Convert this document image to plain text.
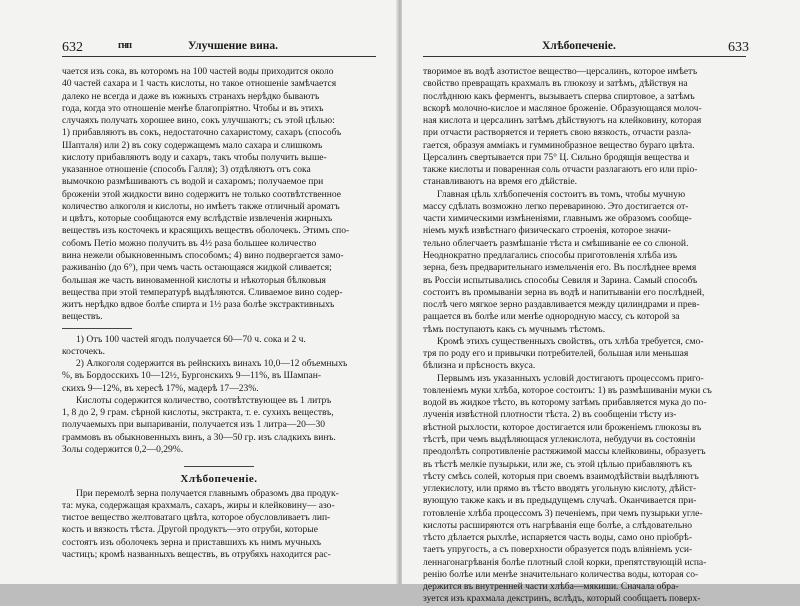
632	гнп	Улучшение вина.
чается изъ сока, въ которомъ на 100 частей воды приходится около
40 частей сахара и 1 часть кислоты, но такое отношеніе замѣчается
далеко не всегда и даже въ южныхъ странахъ нерѣдко бываютъ
года, когда это отношеніе менѣе благопріятно. Чтобы и въ этихъ
случаяхъ получать хорошее вино, сокъ улучшаютъ; съ этой цѣлью:
1) прибавляютъ въ сокъ, недостаточно сахаристому, сахаръ (способъ
Шапталя) или 2) въ соку содержащемъ мало сахара и слишкомъ
кислоту прибавляютъ воду и сахаръ, такъ чтобы получить выше-
указанное отношеніе (способъ Галля); 3) отдѣляютъ отъ сока
вымочкою размѣшиваютъ съ водой и сахаромъ; получаемое при
броженіи этой жидкости вино содержитъ не только соотвѣтственное
количество алкоголя и кислоты, но имѣетъ также отличный ароматъ
и цвѣтъ, которые сообщаются ему вслѣдствіе извлеченія жирныхъ
веществъ изъ косточекъ и красящихъ веществъ оболочекъ. Этимъ спо-
собомъ Петіо можно получить въ 4½ раза большее количество
вина нежели обыкновеннымъ способомъ; 4) вино подвергается замо-
раживанію (до 6°), при чемъ часть остающаяся жидкой сливается;
большая же часть виноваменной кислоты и нѣкоторыя бѣлковыя
вещества при этой температурѣ выдѣляются. Сливаемое вино содер-
житъ нерѣдко вдвое болѣе спирта и 1½ раза болѣе экстрактивныхъ
веществъ.
1) Отъ 100 частей ягодъ получается 60—70 ч. сока и 2 ч.
косточекъ.
2) Алкоголя содержится въ рейнскихъ винахъ 10,0—12 объемныхъ
%, въ Бордосскихъ 10—12½, Бургонскихъ 9—11%, въ Шампан-
скихъ 9—12%, въ хересѣ 17%, мадерѣ 17—23%.
Кислоты содержится количество, соотвѣтствующее въ 1 литръ
1, 8 до 2, 9 грам. сѣрной кислоты, экстракта, т. е. сухихъ веществъ,
получаемыхъ при выпариваніи, получается изъ 1 литра—20—30
граммовъ въ обыкновенныхъ винъ, а 30—50 гр. изъ сладкихъ винъ.
Золы содержится 0,2—0,29%.
Хлѣбопеченіе.
При перемолѣ зерна получается главнымъ образомъ два продук-
та: мука, содержащая крахмалъ, сахаръ, жиры и клейковину— азо-
тистое вещество желтоватаго цвѣта, которое обусловливаетъ лип-
кость и вязкость тѣста. Другой продуктъ—это отруби, которые
состоятъ изъ оболочекъ зерна и приставшихъ къ нимъ мучныхъ
частицъ; кромѣ названныхъ веществъ, въ отрубяхъ находится рас-
Хлѣбопеченіе.	633
творимое въ водѣ азотистое вещество—церсалинъ, которое имѣетъ
свойство превращать крахмалъ въ глюкозу и затѣмъ, дѣйствуя на
послѣднюю какъ ферментъ, вызываетъ сперва спиртовое, а затѣмъ
вскорѣ молочно-кислое и масляное броженіе. Образующаяся молоч-
ная кислота и церсалинъ затѣмъ дѣйствуютъ на клейковину, которая
при отчасти растворяется и теряетъ свою вязкость, отчасти разла-
гается, образуя аммiакъ и гумминобразное вещество бураго цвѣта.
Церсалинъ свертывается при 75° Ц. Сильно бродящія вещества и
также кислоты и поваренная соль отчасти разлагаютъ его или прiо-
станавливаютъ на время его дѣйствiе.
Главная цѣль хлѣбопеченія состоитъ въ томъ, чтобы мучную
массу сдѣлать возможно легко перевариною. Это достигается от-
части химическими измѣненіями, главнымъ же образомъ сообще-
ніемъ мукѣ извѣстнаго физическаго строенія, которое значи-
тельно облегчаетъ размѣшаніе тѣста и смѣшиваніе ее со слюной.
Неоднократно предлагались способы приготовленія хлѣба изъ
зерна, безъ предварительнаго измельченія его. Въ послѣднее время
въ Россіи испытывались способы Севиля и Зарина. Самый способъ
состоитъ въ промываніи зерна въ водѣ и напитываніи его послѣдней,
послѣ чего мягкое зерно раздавливается между цилиндрами и прев-
ращается въ болѣе или менѣе однородную массу, съ которой за
тѣмъ поступаютъ какъ съ мучнымъ тѣстомъ.
Кромѣ этихъ существенныхъ свойствъ, отъ хлѣба требуется, смо-
тря по роду его и привычки потребителей, большая или меньшая
бѣлизна и прѣсность вкуса.
Первымъ изъ указанныхъ условiй достигаютъ процессомъ приго-
товленіемъ муки хлѣба, которое состоитъ: 1) въ размѣшиваніи муки съ
водой въ жидкое тѣсто, въ которому затѣмъ прибавляется мука до по-
лученія извѣстной плотности тѣста. 2) въ сообщенiи тѣсту из-
вѣстной рыхлости, которое достигается или броженіемъ глюкозы въ
тѣстѣ, при чемъ выдѣляющася углекислота, небудучи въ состояніи
преодолѣть сопротивленіе растяжимой массы клейковины, образуетъ
въ тѣстѣ мелкіе пузырьки, или же, съ этой цѣлью прибавляютъ къ
тѣсту смѣсь солей, которыя при своемъ взаимодѣйствіи выдѣляютъ
углекислоту, или прямо въ тѣсто вводятъ угольную кислоту, дѣйст-
вующую также какъ и въ предыдущемъ случаѣ. Оканчивается при-
готовленіе хлѣба процессомъ 3) печенiемъ, при чемъ пузырьки угле-
кислоты расширяются отъ нагрѣванія еще болѣе, а слѣдовательно
тѣсто дѣлается рыхлѣе, испаряется часть воды, само оно пріобрѣ-
таетъ упругость, а съ поверхности образуется подъ вліяніемъ уси-
леннагонагрѣванія болѣе плотный слой корки, препятствующій испа-
ренію болѣе или менѣе значительнаго количества воды, которая со-
держится въ внутренней части хлѣба—мякиши. Сначала обра-
зуется изъ крахмала декстринъ, вслѣдъ, который сообщаетъ поверх-
